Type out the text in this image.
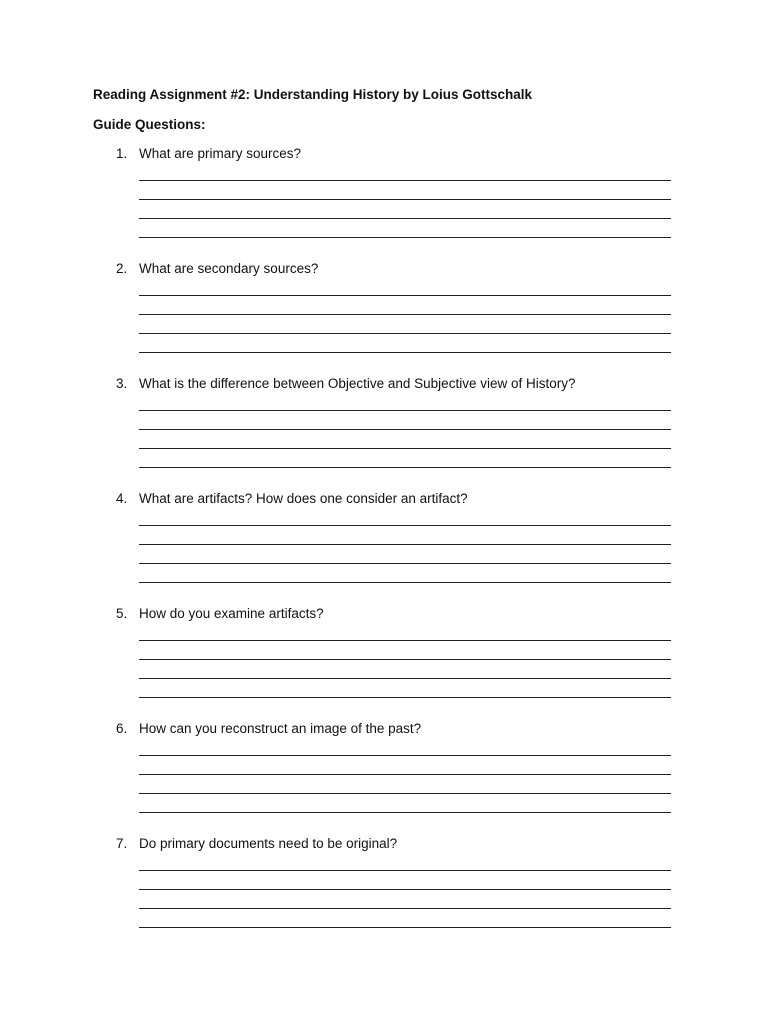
Reading Assignment #2: Understanding History by Loius Gottschalk
Guide Questions:
1. What are primary sources?
2. What are secondary sources?
3. What is the difference between Objective and Subjective view of History?
4. What are artifacts? How does one consider an artifact?
5. How do you examine artifacts?
6. How can you reconstruct an image of the past?
7. Do primary documents need to be original?
